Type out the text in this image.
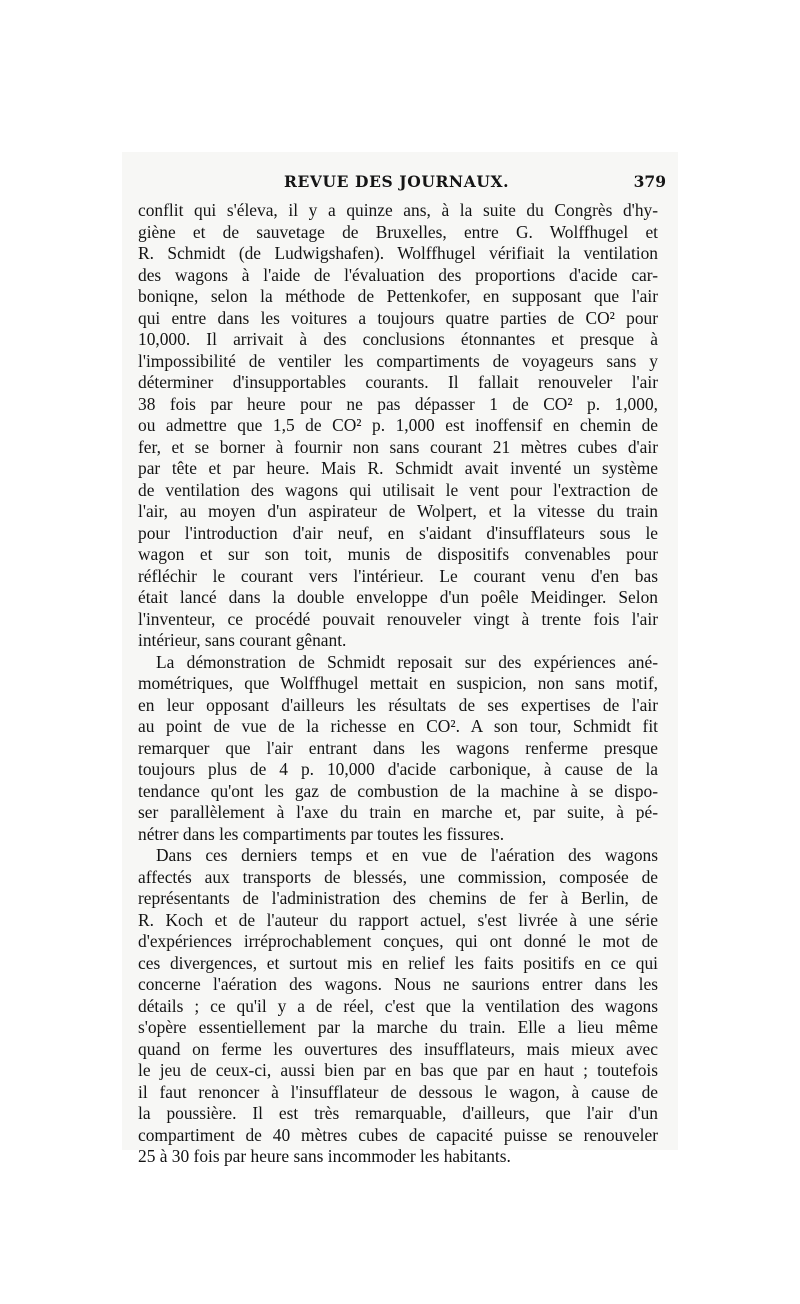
REVUE DES JOURNAUX.	379
conflit qui s'éleva, il y a quinze ans, à la suite du Congrès d'hy-
giène et de sauvetage de Bruxelles, entre G. Wolffhugel et
R. Schmidt (de Ludwigshafen). Wolffhugel vérifiait la ventilation
des wagons à l'aide de l'évaluation des proportions d'acide car-
boniqne, selon la méthode de Pettenkofer, en supposant que l'air
qui entre dans les voitures a toujours quatre parties de CO² pour
10,000. Il arrivait à des conclusions étonnantes et presque à
l'impossibilité de ventiler les compartiments de voyageurs sans y
déterminer d'insupportables courants. Il fallait renouveler l'air
38 fois par heure pour ne pas dépasser 1 de CO² p. 1,000,
ou admettre que 1,5 de CO² p. 1,000 est inoffensif en chemin de
fer, et se borner à fournir non sans courant 21 mètres cubes d'air
par tête et par heure. Mais R. Schmidt avait inventé un système
de ventilation des wagons qui utilisait le vent pour l'extraction de
l'air, au moyen d'un aspirateur de Wolpert, et la vitesse du train
pour l'introduction d'air neuf, en s'aidant d'insufflateurs sous le
wagon et sur son toit, munis de dispositifs convenables pour
réfléchir le courant vers l'intérieur. Le courant venu d'en bas
était lancé dans la double enveloppe d'un poêle Meidinger. Selon
l'inventeur, ce procédé pouvait renouveler vingt à trente fois l'air
intérieur, sans courant gênant.
La démonstration de Schmidt reposait sur des expériences ané-
mométriques, que Wolffhugel mettait en suspicion, non sans motif,
en leur opposant d'ailleurs les résultats de ses expertises de l'air
au point de vue de la richesse en CO². A son tour, Schmidt fit
remarquer que l'air entrant dans les wagons renferme presque
toujours plus de 4 p. 10,000 d'acide carbonique, à cause de la
tendance qu'ont les gaz de combustion de la machine à se dispo-
ser parallèlement à l'axe du train en marche et, par suite, à pé-
nétrer dans les compartiments par toutes les fissures.
Dans ces derniers temps et en vue de l'aération des wagons
affectés aux transports de blessés, une commission, composée de
représentants de l'administration des chemins de fer à Berlin, de
R. Koch et de l'auteur du rapport actuel, s'est livrée à une série
d'expériences irréprochablement conçues, qui ont donné le mot de
ces divergences, et surtout mis en relief les faits positifs en ce qui
concerne l'aération des wagons. Nous ne saurions entrer dans les
détails ; ce qu'il y a de réel, c'est que la ventilation des wagons
s'opère essentiellement par la marche du train. Elle a lieu même
quand on ferme les ouvertures des insufflateurs, mais mieux avec
le jeu de ceux-ci, aussi bien par en bas que par en haut ; toutefois
il faut renoncer à l'insufflateur de dessous le wagon, à cause de
la poussière. Il est très remarquable, d'ailleurs, que l'air d'un
compartiment de 40 mètres cubes de capacité puisse se renouveler
25 à 30 fois par heure sans incommoder les habitants.
